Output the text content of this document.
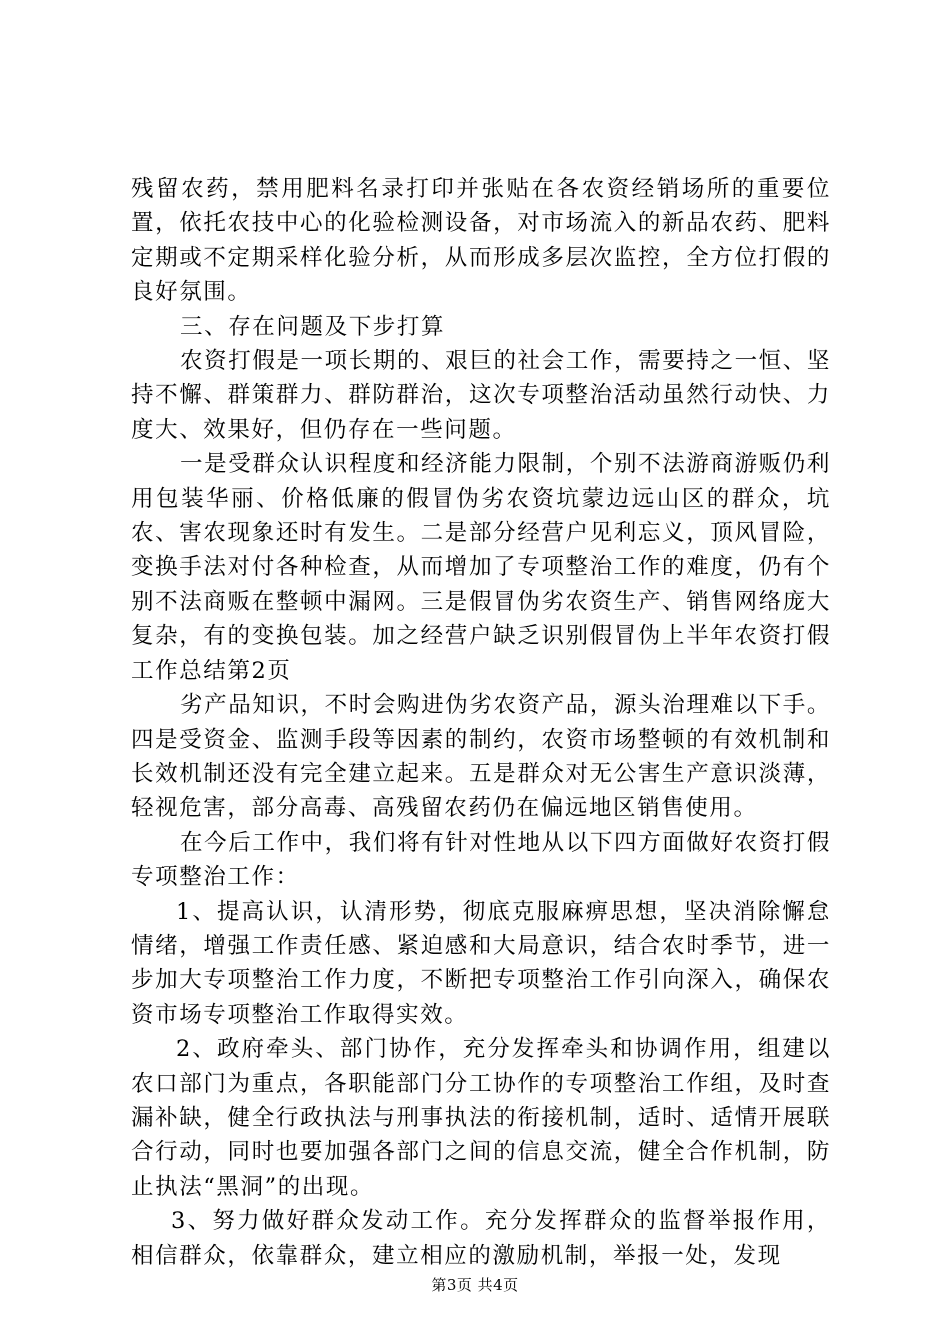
残留农药，禁用肥料名录打印并张贴在各农资经销场所的重要位置，依托农技中心的化验检测设备，对市场流入的新品农药、肥料定期或不定期采样化验分析，从而形成多层次监控，全方位打假的良好氛围。

三、存在问题及下步打算

农资打假是一项长期的、艰巨的社会工作，需要持之一恒、坚持不懈、群策群力、群防群治，这次专项整治活动虽然行动快、力度大、效果好，但仍存在一些问题。

一是受群众认识程度和经济能力限制，个别不法游商游贩仍利用包装华丽、价格低廉的假冒伪劣农资坑蒙边远山区的群众，坑农、害农现象还时有发生。二是部分经营户见利忘义，顶风冒险，变换手法对付各种检查，从而增加了专项整治工作的难度，仍有个别不法商贩在整顿中漏网。三是假冒伪劣农资生产、销售网络庞大复杂，有的变换包装。加之经营户缺乏识别假冒伪上半年农资打假工作总结第2页

劣产品知识，不时会购进伪劣农资产品，源头治理难以下手。四是受资金、监测手段等因素的制约，农资市场整顿的有效机制和长效机制还没有完全建立起来。五是群众对无公害生产意识淡薄，轻视危害，部分高毒、高残留农药仍在偏远地区销售使用。

在今后工作中，我们将有针对性地从以下四方面做好农资打假专项整治工作：

1、提高认识，认清形势，彻底克服麻痹思想，坚决消除懈怠情绪，增强工作责任感、紧迫感和大局意识，结合农时季节，进一步加大专项整治工作力度，不断把专项整治工作引向深入，确保农资市场专项整治工作取得实效。

2、政府牵头、部门协作，充分发挥牵头和协调作用，组建以农口部门为重点，各职能部门分工协作的专项整治工作组，及时查漏补缺，健全行政执法与刑事执法的衔接机制，适时、适情开展联合行动，同时也要加强各部门之间的信息交流，健全合作机制，防止执法“黑洞”的出现。

3、努力做好群众发动工作。充分发挥群众的监督举报作用，相信群众，依靠群众，建立相应的激励机制，举报一处，发现

第3页 共4页
